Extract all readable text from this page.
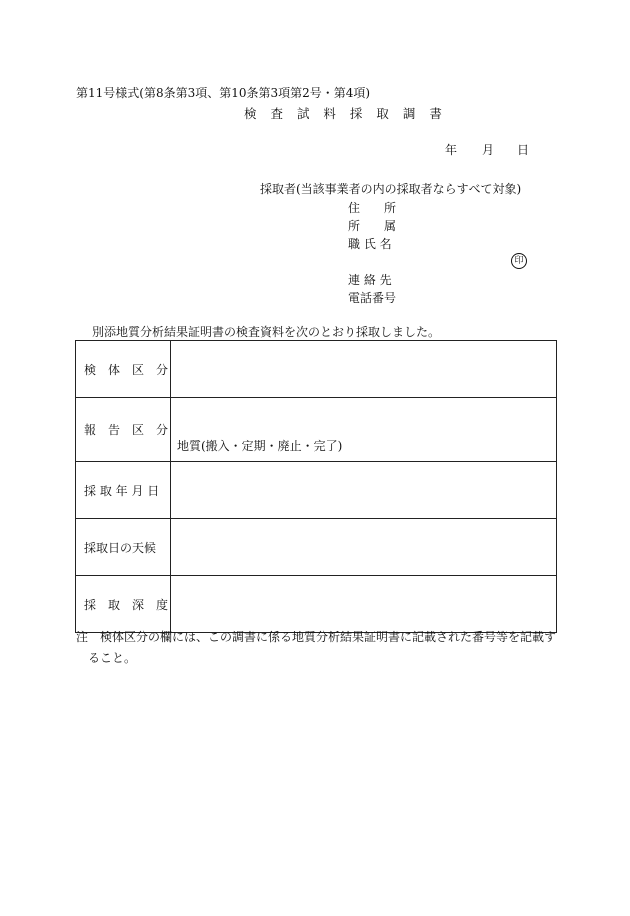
第11号様式(第8条第3項、第10条第3項第2号・第4項)
検 査 試 料 採 取 調 書
年 月 日
採取者(当該事業者の内の採取者ならすべて対象)
住　　所
所　　属
職 氏 名
印
連 絡 先
電話番号
別添地質分析結果証明書の検査資料を次のとおり採取しました。
検　体　区　分	
報　告　区　分	地質(搬入・定期・廃止・完了)
採 取 年 月 日	
採取日の天候	
採　取　深　度	
注　検体区分の欄には、この調書に係る地質分析結果証明書に記載された番号等を記載す
ること。
